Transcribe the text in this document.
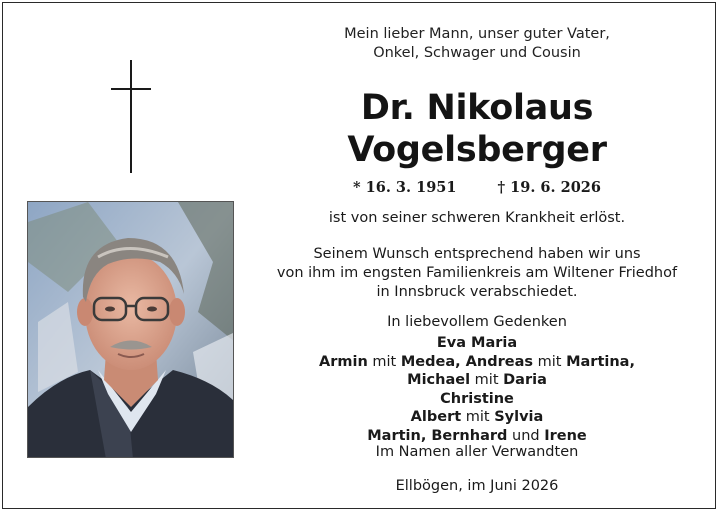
Mein lieber Mann, unser guter Vater,
Onkel, Schwager und Cousin
Dr. Nikolaus
Vogelsberger
* 16. 3. 1951	† 19. 6. 2026
ist von seiner schweren Krankheit erlöst.
Seinem Wunsch entsprechend haben wir uns
von ihm im engsten Familienkreis am Wiltener Friedhof
in Innsbruck verabschiedet.
In liebevollem Gedenken
Eva Maria
Armin mit Medea, Andreas mit Martina,
Michael mit Daria
Christine
Albert mit Sylvia
Martin, Bernhard und Irene
Im Namen aller Verwandten
Ellbögen, im Juni 2026
